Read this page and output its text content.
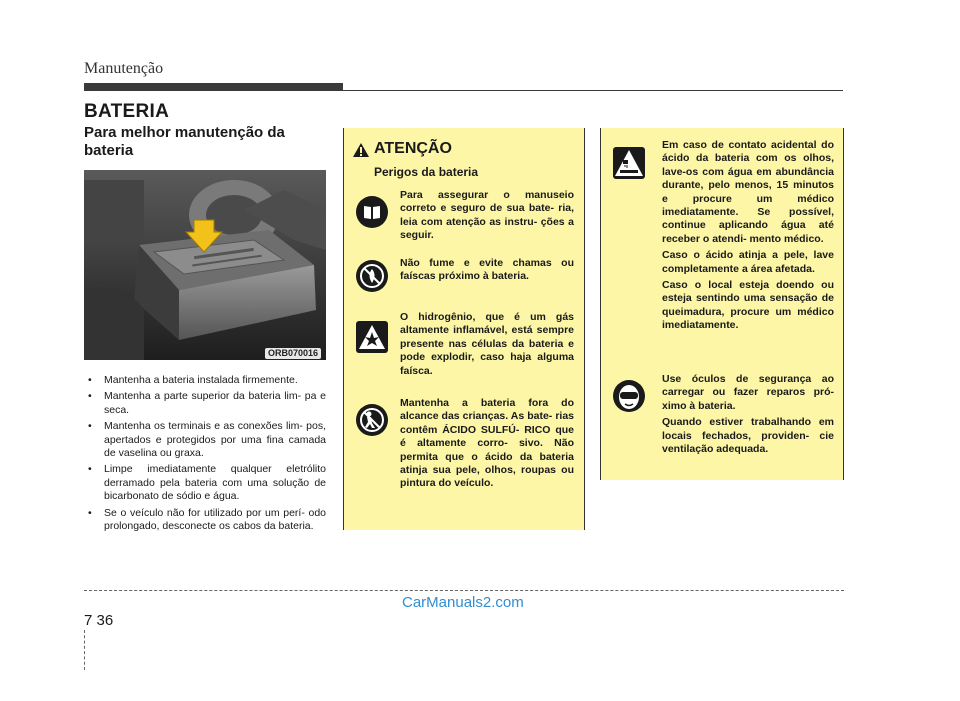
Manutenção
BATERIA
Para melhor manutenção da bateria
ORB070016
• Mantenha a bateria instalada firmemente.
• Mantenha a parte superior da bateria lim- pa e seca.
• Mantenha os terminais e as conexões lim- pos, apertados e protegidos por uma fina camada de vaselina ou graxa.
• Limpe imediatamente qualquer eletrólito derramado pela bateria com uma solução de bicarbonato de sódio e água.
• Se o veículo não for utilizado por um perí- odo prolongado, desconecte os cabos da bateria.
ATENÇÃO
Perigos da bateria
Para assegurar o manuseio correto e seguro de sua bate- ria, leia com atenção as instru- ções a seguir.
Não fume e evite chamas ou faíscas próximo à bateria.
O hidrogênio, que é um gás altamente inflamável, está sempre presente nas células da bateria e pode explodir, caso haja alguma faísca.
Mantenha a bateria fora do alcance das crianças. As bate- rias contêm ÁCIDO SULFÚ- RICO que é altamente corro- sivo. Não permita que o ácido da bateria atinja sua pele, olhos, roupas ou pintura do veículo.
Em caso de contato acidental do ácido da bateria com os olhos, lave-os com água em abundância durante, pelo menos, 15 minutos e procure um médico imediatamente. Se possível, continue aplicando água até receber o atendi- mento médico.
Caso o ácido atinja a pele, lave completamente a área afetada.
Caso o local esteja doendo ou esteja sentindo uma sensação de queimadura, procure um médico imediatamente.
Use óculos de segurança ao carregar ou fazer reparos pró- ximo à bateria.
Quando estiver trabalhando em locais fechados, providen- cie ventilação adequada.
7 36
CarManuals2.com
